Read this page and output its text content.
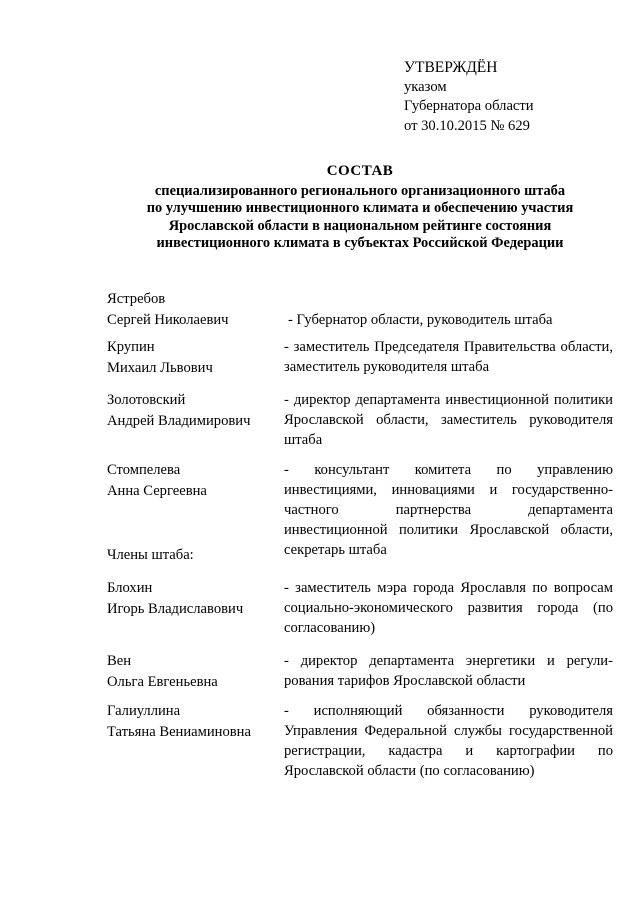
УТВЕРЖДЁН
указом
Губернатора области
от 30.10.2015 № 629
СОСТАВ
специализированного регионального организационного штаба
по улучшению инвестиционного климата и обеспечению участия
Ярославской области в национальном рейтинге состояния
инвестиционного климата в субъектах Российской Федерации
Ястребов
Сергей Николаевич	- Губернатор области, руководитель штаба
Крупин
Михаил Львович
- заместитель Председателя Правительства области, заместитель руководителя штаба
Золотовский
Андрей Владимирович
- директор департамента инвестиционной политики Ярославской области, заместитель руководителя штаба
Стомпелева
Анна Сергеевна
- консультант комитета по управлению инвестициями, инновациями и государственно-частного партнерства департамента инвестиционной политики Ярославской области, секретарь штаба
Члены штаба:
Блохин
Игорь Владиславович
- заместитель мэра города Ярославля по вопросам социально-экономического развития города (по согласованию)
Вен
Ольга Евгеньевна
- директор департамента энергетики и регулирования тарифов Ярославской области
Галиуллина
Татьяна Вениаминовна
- исполняющий обязанности руководителя Управления Федеральной службы государственной регистрации, кадастра и картографии по Ярославской области (по согласованию)
